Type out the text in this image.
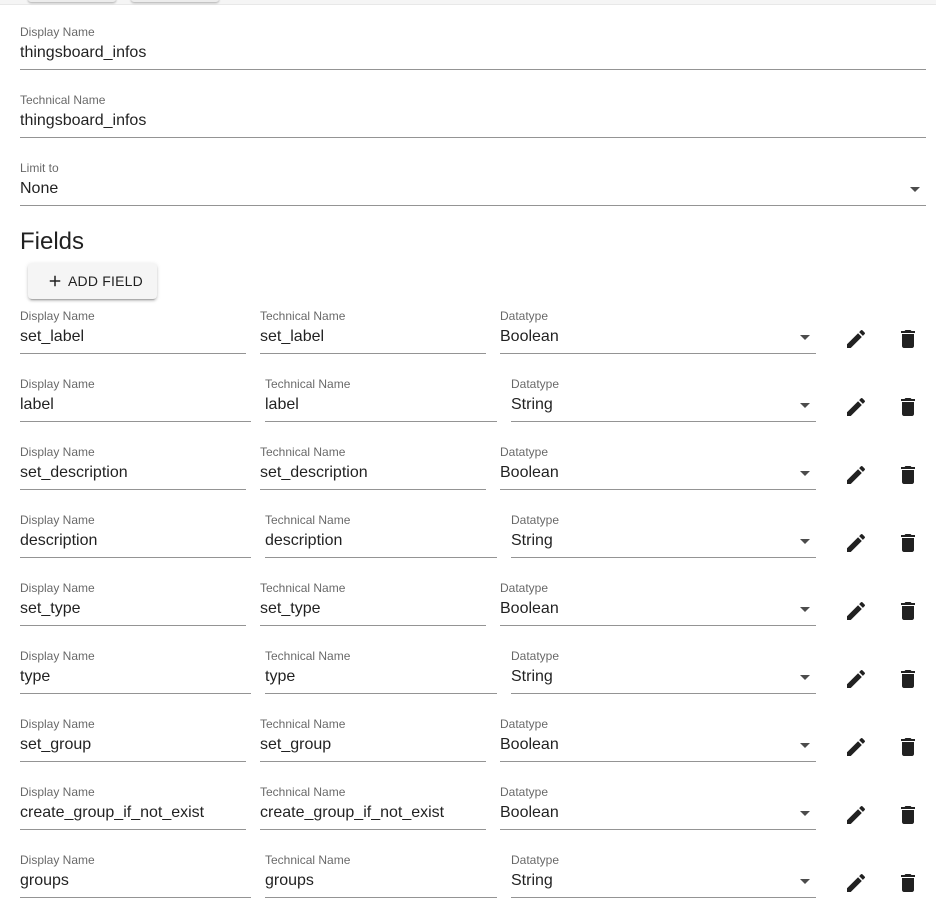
Display Name
thingsboard_infos
Technical Name
thingsboard_infos
Limit to
None
Fields
ADD FIELD
Display Name
set_label
Technical Name
set_label
Datatype
Boolean
Display Name
label
Technical Name
label
Datatype
String
Display Name
set_description
Technical Name
set_description
Datatype
Boolean
Display Name
description
Technical Name
description
Datatype
String
Display Name
set_type
Technical Name
set_type
Datatype
Boolean
Display Name
type
Technical Name
type
Datatype
String
Display Name
set_group
Technical Name
set_group
Datatype
Boolean
Display Name
create_group_if_not_exist
Technical Name
create_group_if_not_exist
Datatype
Boolean
Display Name
groups
Technical Name
groups
Datatype
String
